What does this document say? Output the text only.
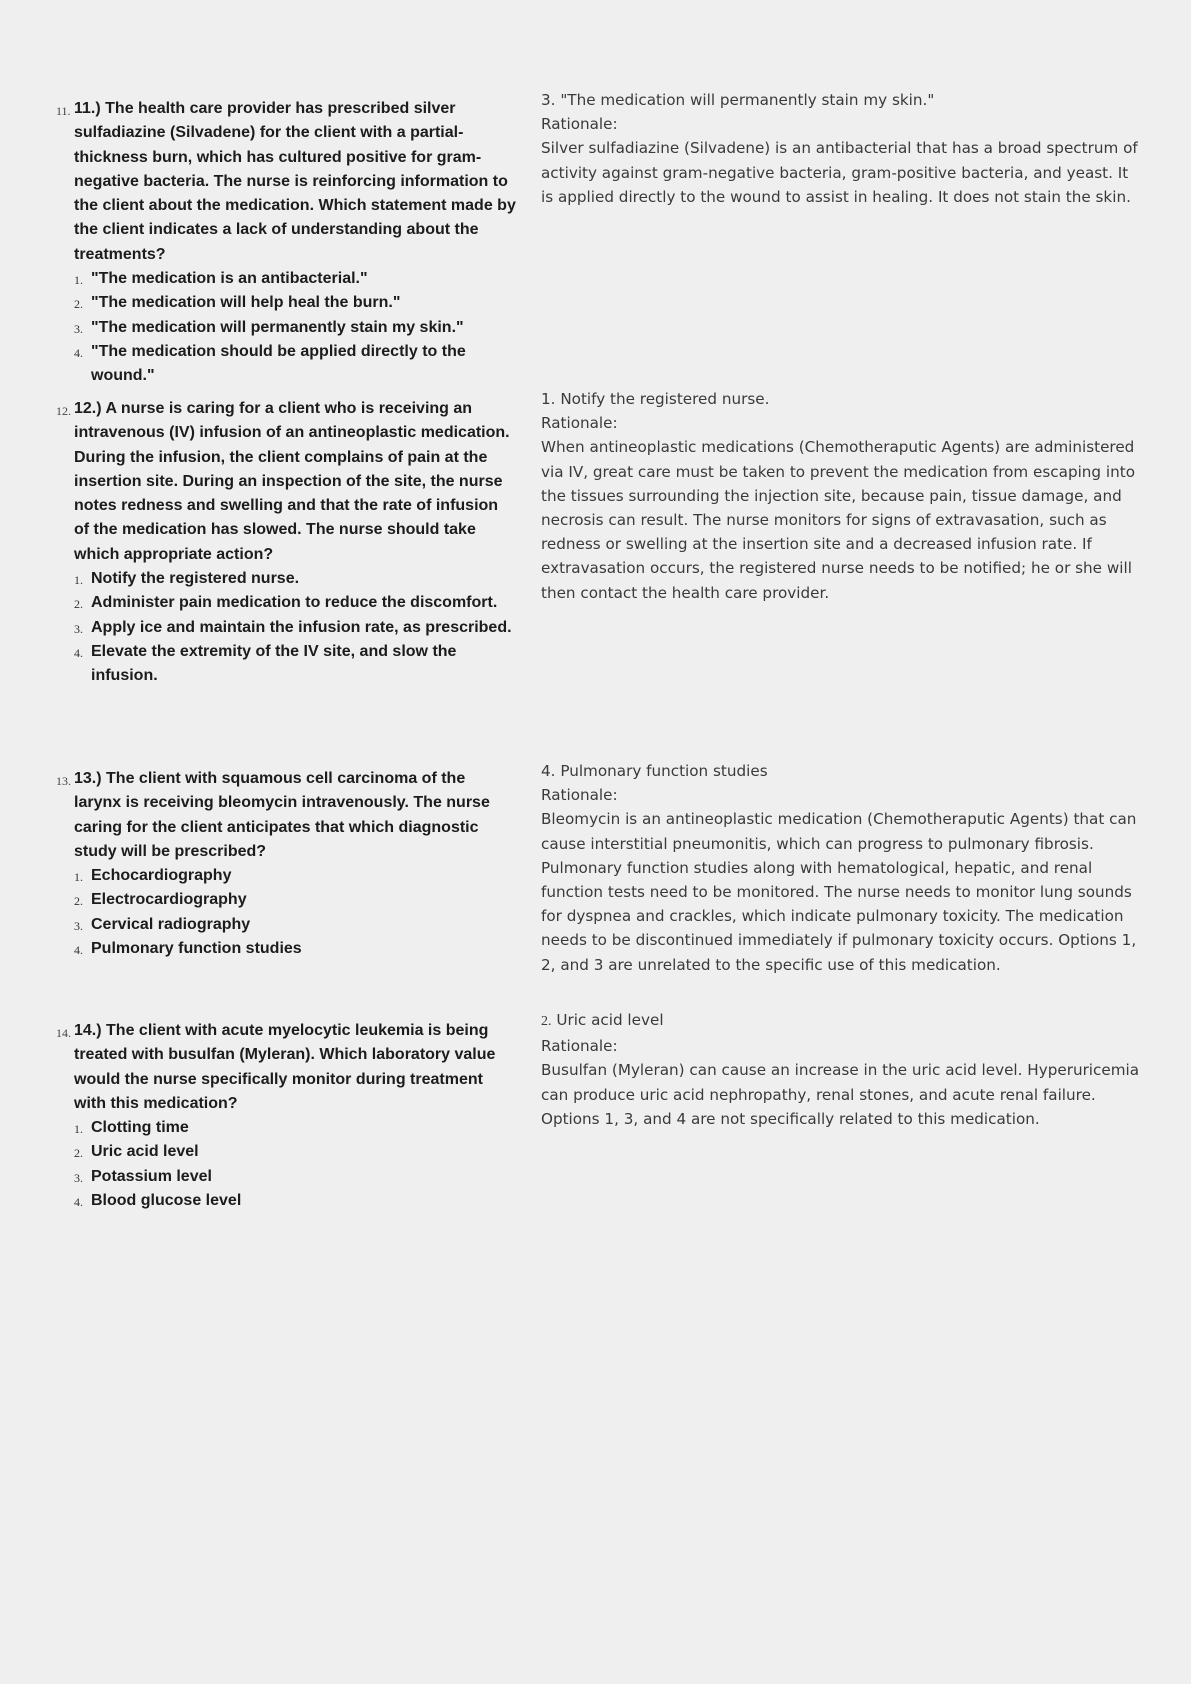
11. 11.) The health care provider has prescribed silver sulfadiazine (Silvadene) for the client with a partial-thickness burn, which has cultured positive for gram-negative bacteria. The nurse is reinforcing information to the client about the medication. Which statement made by the client indicates a lack of understanding about the treatments?
1. "The medication is an antibacterial."
2. "The medication will help heal the burn."
3. "The medication will permanently stain my skin."
4. "The medication should be applied directly to the wound."
3. "The medication will permanently stain my skin."
Rationale:
Silver sulfadiazine (Silvadene) is an antibacterial that has a broad spectrum of activity against gram-negative bacteria, gram-positive bacteria, and yeast. It is applied directly to the wound to assist in healing. It does not stain the skin.
12. 12.) A nurse is caring for a client who is receiving an intravenous (IV) infusion of an antineoplastic medication. During the infusion, the client complains of pain at the insertion site. During an inspection of the site, the nurse notes redness and swelling and that the rate of infusion of the medication has slowed. The nurse should take which appropriate action?
1. Notify the registered nurse.
2. Administer pain medication to reduce the discomfort.
3. Apply ice and maintain the infusion rate, as prescribed.
4. Elevate the extremity of the IV site, and slow the infusion.
1. Notify the registered nurse.
Rationale:
When antineoplastic medications (Chemotheraputic Agents) are administered via IV, great care must be taken to prevent the medication from escaping into the tissues surrounding the injection site, because pain, tissue damage, and necrosis can result. The nurse monitors for signs of extravasation, such as redness or swelling at the insertion site and a decreased infusion rate. If extravasation occurs, the registered nurse needs to be notified; he or she will then contact the health care provider.
13. 13.) The client with squamous cell carcinoma of the larynx is receiving bleomycin intravenously. The nurse caring for the client anticipates that which diagnostic study will be prescribed?
1. Echocardiography
2. Electrocardiography
3. Cervical radiography
4. Pulmonary function studies
4. Pulmonary function studies
Rationale:
Bleomycin is an antineoplastic medication (Chemotheraputic Agents) that can cause interstitial pneumonitis, which can progress to pulmonary fibrosis. Pulmonary function studies along with hematological, hepatic, and renal function tests need to be monitored. The nurse needs to monitor lung sounds for dyspnea and crackles, which indicate pulmonary toxicity. The medication needs to be discontinued immediately if pulmonary toxicity occurs. Options 1, 2, and 3 are unrelated to the specific use of this medication.
14. 14.) The client with acute myelocytic leukemia is being treated with busulfan (Myleran). Which laboratory value would the nurse specifically monitor during treatment with this medication?
1. Clotting time
2. Uric acid level
3. Potassium level
4. Blood glucose level
2. Uric acid level
Rationale:
Busulfan (Myleran) can cause an increase in the uric acid level. Hyperuricemia can produce uric acid nephropathy, renal stones, and acute renal failure. Options 1, 3, and 4 are not specifically related to this medication.
